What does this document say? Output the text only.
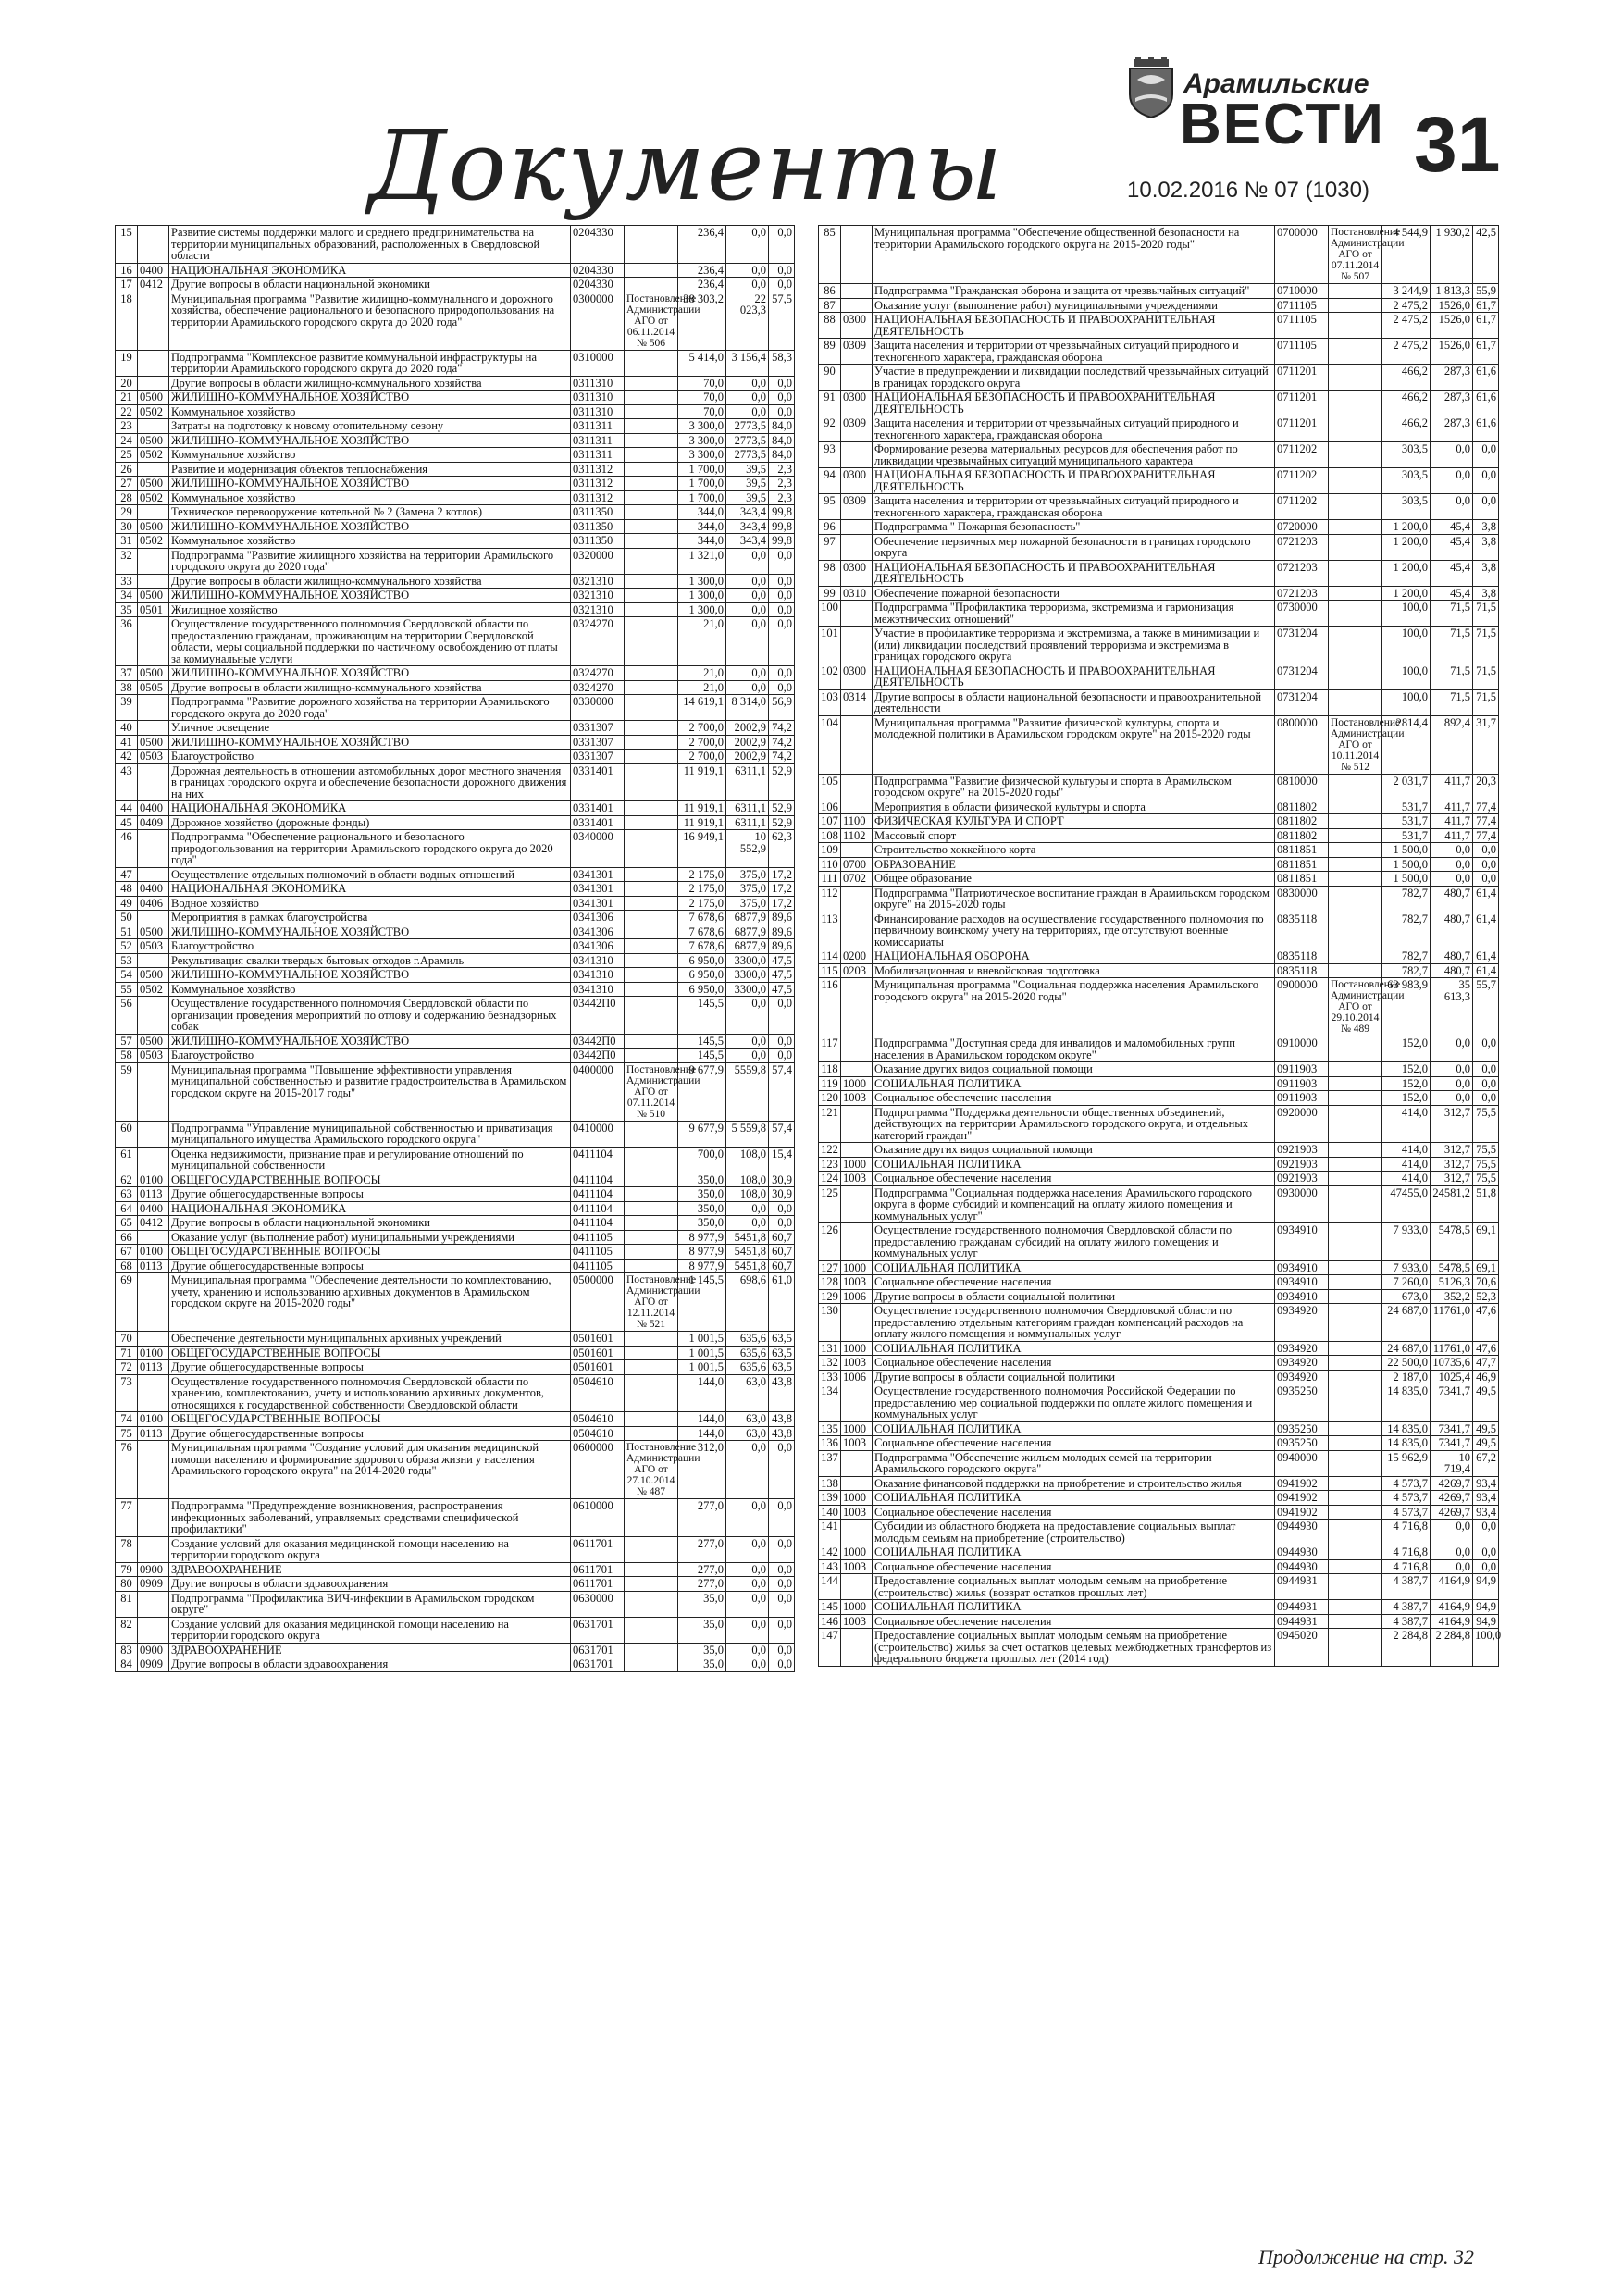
Документы
Арамильские
ВЕСТИ 31
10.02.2016 № 07 (1030)
15		Развитие системы поддержки малого и среднего предпринимательства на территории муниципальных образований, расположенных в Свердловской области	0204330		236,4	0,0	0,0
16	0400	НАЦИОНАЛЬНАЯ ЭКОНОМИКА	0204330		236,4	0,0	0,0
17	0412	Другие вопросы в области национальной экономики	0204330		236,4	0,0	0,0
18		Муниципальная программа "Развитие жилищно-коммунального и дорожного хозяйства, обеспечение рационального и безопасного природопользования на территории Арамильского городского округа до 2020 года"	0300000	Постановление Администрации АГО от 06.11.2014 № 506	38 303,2	22 023,3	57,5
19		Подпрограмма "Комплексное развитие коммунальной инфраструктуры на территории Арамильского городского округа до 2020 года"	0310000		5 414,0	3 156,4	58,3
20		Другие вопросы в области жилищно-коммунального хозяйства	0311310		70,0	0,0	0,0
21	0500	ЖИЛИЩНО-КОММУНАЛЬНОЕ ХОЗЯЙСТВО	0311310		70,0	0,0	0,0
22	0502	Коммунальное хозяйство	0311310		70,0	0,0	0,0
23		Затраты на подготовку к новому отопительному сезону	0311311		3 300,0	2773,5	84,0
24	0500	ЖИЛИЩНО-КОММУНАЛЬНОЕ ХОЗЯЙСТВО	0311311		3 300,0	2773,5	84,0
25	0502	Коммунальное хозяйство	0311311		3 300,0	2773,5	84,0
26		Развитие и модернизация объектов теплоснабжения	0311312		1 700,0	39,5	2,3
27	0500	ЖИЛИЩНО-КОММУНАЛЬНОЕ ХОЗЯЙСТВО	0311312		1 700,0	39,5	2,3
28	0502	Коммунальное хозяйство	0311312		1 700,0	39,5	2,3
29		Техническое перевооружение котельной № 2 (Замена 2 котлов)	0311350		344,0	343,4	99,8
30	0500	ЖИЛИЩНО-КОММУНАЛЬНОЕ ХОЗЯЙСТВО	0311350		344,0	343,4	99,8
31	0502	Коммунальное хозяйство	0311350		344,0	343,4	99,8
32		Подпрограмма "Развитие жилищного хозяйства на территории Арамильского городского округа до 2020 года"	0320000		1 321,0	0,0	0,0
33		Другие вопросы в области жилищно-коммунального хозяйства	0321310		1 300,0	0,0	0,0
34	0500	ЖИЛИЩНО-КОММУНАЛЬНОЕ ХОЗЯЙСТВО	0321310		1 300,0	0,0	0,0
35	0501	Жилищное хозяйство	0321310		1 300,0	0,0	0,0
36		Осуществление государственного полномочия Свердловской области по предоставлению гражданам, проживающим на территории Свердловской области, меры социальной поддержки по частичному освобождению от платы за коммунальные услуги	0324270		21,0	0,0	0,0
37	0500	ЖИЛИЩНО-КОММУНАЛЬНОЕ ХОЗЯЙСТВО	0324270		21,0	0,0	0,0
38	0505	Другие вопросы в области жилищно-коммунального хозяйства	0324270		21,0	0,0	0,0
39		Подпрограмма "Развитие дорожного хозяйства на территории Арамильского городского округа до 2020 года"	0330000		14 619,1	8 314,0	56,9
40		Уличное освещение	0331307		2 700,0	2002,9	74,2
41	0500	ЖИЛИЩНО-КОММУНАЛЬНОЕ ХОЗЯЙСТВО	0331307		2 700,0	2002,9	74,2
42	0503	Благоустройство	0331307		2 700,0	2002,9	74,2
43		Дорожная деятельность в отношении автомобильных дорог местного значения в границах городского округа и обеспечение безопасности дорожного движения на них	0331401		11 919,1	6311,1	52,9
44	0400	НАЦИОНАЛЬНАЯ ЭКОНОМИКА	0331401		11 919,1	6311,1	52,9
45	0409	Дорожное хозяйство (дорожные фонды)	0331401		11 919,1	6311,1	52,9
46		Подпрограмма "Обеспечение рационального и безопасного природопользования на территории Арамильского городского округа до 2020 года"	0340000		16 949,1	10 552,9	62,3
47		Осуществление отдельных полномочий в области водных отношений	0341301		2 175,0	375,0	17,2
48	0400	НАЦИОНАЛЬНАЯ ЭКОНОМИКА	0341301		2 175,0	375,0	17,2
49	0406	Водное хозяйство	0341301		2 175,0	375,0	17,2
50		Мероприятия в рамках благоустройства	0341306		7 678,6	6877,9	89,6
51	0500	ЖИЛИЩНО-КОММУНАЛЬНОЕ ХОЗЯЙСТВО	0341306		7 678,6	6877,9	89,6
52	0503	Благоустройство	0341306		7 678,6	6877,9	89,6
53		Рекультивация свалки твердых бытовых отходов г.Арамиль	0341310		6 950,0	3300,0	47,5
54	0500	ЖИЛИЩНО-КОММУНАЛЬНОЕ ХОЗЯЙСТВО	0341310		6 950,0	3300,0	47,5
55	0502	Коммунальное хозяйство	0341310		6 950,0	3300,0	47,5
56		Осуществление государственного полномочия Свердловской области по организации проведения мероприятий по отлову и содержанию безнадзорных собак	03442П0		145,5	0,0	0,0
57	0500	ЖИЛИЩНО-КОММУНАЛЬНОЕ ХОЗЯЙСТВО	03442П0		145,5	0,0	0,0
58	0503	Благоустройство	03442П0		145,5	0,0	0,0
59		Муниципальная программа "Повышение эффективности управления муниципальной собственностью и развитие градостроительства в Арамильском городском округе на 2015-2017 годы"	0400000	Постановление Администрации АГО от 07.11.2014 № 510	9 677,9	5559,8	57,4
60		Подпрограмма "Управление муниципальной собственностью и приватизация муниципального имущества Арамильского городского округа"	0410000		9 677,9	5 559,8	57,4
61		Оценка недвижимости, признание прав и регулирование отношений по муниципальной собственности	0411104		700,0	108,0	15,4
62	0100	ОБЩЕГОСУДАРСТВЕННЫЕ ВОПРОСЫ	0411104		350,0	108,0	30,9
63	0113	Другие общегосударственные вопросы	0411104		350,0	108,0	30,9
64	0400	НАЦИОНАЛЬНАЯ ЭКОНОМИКА	0411104		350,0	0,0	0,0
65	0412	Другие вопросы в области национальной экономики	0411104		350,0	0,0	0,0
66		Оказание услуг (выполнение работ) муниципальными учреждениями	0411105		8 977,9	5451,8	60,7
67	0100	ОБЩЕГОСУДАРСТВЕННЫЕ ВОПРОСЫ	0411105		8 977,9	5451,8	60,7
68	0113	Другие общегосударственные вопросы	0411105		8 977,9	5451,8	60,7
69		Муниципальная программа "Обеспечение деятельности по комплектованию, учету, хранению и использованию архивных документов в Арамильском городском округе на 2015-2020 годы"	0500000	Постановление Администрации АГО от 12.11.2014 № 521	1 145,5	698,6	61,0
70		Обеспечение деятельности муниципальных архивных учреждений	0501601		1 001,5	635,6	63,5
71	0100	ОБЩЕГОСУДАРСТВЕННЫЕ ВОПРОСЫ	0501601		1 001,5	635,6	63,5
72	0113	Другие общегосударственные вопросы	0501601		1 001,5	635,6	63,5
73		Осуществление государственного полномочия Свердловской области по хранению, комплектованию, учету и использованию архивных документов, относящихся к государственной собственности Свердловской области	0504610		144,0	63,0	43,8
74	0100	ОБЩЕГОСУДАРСТВЕННЫЕ ВОПРОСЫ	0504610		144,0	63,0	43,8
75	0113	Другие общегосударственные вопросы	0504610		144,0	63,0	43,8
76		Муниципальная программа "Создание условий для оказания медицинской помощи населению и формирование здорового образа жизни у населения Арамильского городского округа" на 2014-2020 годы"	0600000	Постановление Администрации АГО от 27.10.2014 № 487	312,0	0,0	0,0
77		Подпрограмма "Предупреждение возникновения, распространения инфекционных заболеваний, управляемых средствами специфической профилактики"	0610000		277,0	0,0	0,0
78		Создание условий для оказания медицинской помощи населению на территории городского округа	0611701		277,0	0,0	0,0
79	0900	ЗДРАВООХРАНЕНИЕ	0611701		277,0	0,0	0,0
80	0909	Другие вопросы в области здравоохранения	0611701		277,0	0,0	0,0
81		Подпрограмма "Профилактика ВИЧ-инфекции в Арамильском городском округе"	0630000		35,0	0,0	0,0
82		Создание условий для оказания медицинской помощи населению на территории городского округа	0631701		35,0	0,0	0,0
83	0900	ЗДРАВООХРАНЕНИЕ	0631701		35,0	0,0	0,0
84	0909	Другие вопросы в области здравоохранения	0631701		35,0	0,0	0,0
85		Муниципальная программа "Обеспечение общественной безопасности на территории Арамильского городского округа на 2015-2020 годы"	0700000	Постановление Администрации АГО от 07.11.2014 № 507	4 544,9	1 930,2	42,5
86		Подпрограмма "Гражданская оборона и защита от чрезвычайных ситуаций"	0710000		3 244,9	1 813,3	55,9
87		Оказание услуг (выполнение работ) муниципальными учреждениями	0711105		2 475,2	1526,0	61,7
88	0300	НАЦИОНАЛЬНАЯ БЕЗОПАСНОСТЬ И ПРАВООХРАНИТЕЛЬНАЯ ДЕЯТЕЛЬНОСТЬ	0711105		2 475,2	1526,0	61,7
89	0309	Защита населения и территории от чрезвычайных ситуаций природного и техногенного характера, гражданская оборона	0711105		2 475,2	1526,0	61,7
90		Участие в предупреждении и ликвидации последствий чрезвычайных ситуаций в границах городского округа	0711201		466,2	287,3	61,6
91	0300	НАЦИОНАЛЬНАЯ БЕЗОПАСНОСТЬ И ПРАВООХРАНИТЕЛЬНАЯ ДЕЯТЕЛЬНОСТЬ	0711201		466,2	287,3	61,6
92	0309	Защита населения и территории от чрезвычайных ситуаций природного и техногенного характера, гражданская оборона	0711201		466,2	287,3	61,6
93		Формирование резерва материальных ресурсов для обеспечения работ по ликвидации чрезвычайных ситуаций муниципального характера	0711202		303,5	0,0	0,0
94	0300	НАЦИОНАЛЬНАЯ БЕЗОПАСНОСТЬ И ПРАВООХРАНИТЕЛЬНАЯ ДЕЯТЕЛЬНОСТЬ	0711202		303,5	0,0	0,0
95	0309	Защита населения и территории от чрезвычайных ситуаций природного и техногенного характера, гражданская оборона	0711202		303,5	0,0	0,0
96		Подпрограмма " Пожарная безопасность"	0720000		1 200,0	45,4	3,8
97		Обеспечение первичных мер пожарной безопасности в границах городского округа	0721203		1 200,0	45,4	3,8
98	0300	НАЦИОНАЛЬНАЯ БЕЗОПАСНОСТЬ И ПРАВООХРАНИТЕЛЬНАЯ ДЕЯТЕЛЬНОСТЬ	0721203		1 200,0	45,4	3,8
99	0310	Обеспечение пожарной безопасности	0721203		1 200,0	45,4	3,8
100		Подпрограмма "Профилактика терроризма, экстремизма и гармонизация межэтнических отношений"	0730000		100,0	71,5	71,5
101		Участие в профилактике терроризма и экстремизма, а также в минимизации и (или) ликвидации последствий проявлений терроризма и экстремизма в границах городского округа	0731204		100,0	71,5	71,5
102	0300	НАЦИОНАЛЬНАЯ БЕЗОПАСНОСТЬ И ПРАВООХРАНИТЕЛЬНАЯ ДЕЯТЕЛЬНОСТЬ	0731204		100,0	71,5	71,5
103	0314	Другие вопросы в области национальной безопасности и правоохранительной деятельности	0731204		100,0	71,5	71,5
104		Муниципальная программа "Развитие физической культуры, спорта и молодежной политики в Арамильском городском округе" на 2015-2020 годы	0800000	Постановление Администрации АГО от 10.11.2014 № 512	2814,4	892,4	31,7
105		Подпрограмма "Развитие физической культуры и спорта в Арамильском городском округе" на 2015-2020 годы"	0810000		2 031,7	411,7	20,3
106		Мероприятия в области физической культуры и спорта	0811802		531,7	411,7	77,4
107	1100	ФИЗИЧЕСКАЯ КУЛЬТУРА И СПОРТ	0811802		531,7	411,7	77,4
108	1102	Массовый спорт	0811802		531,7	411,7	77,4
109		Строительство хоккейного корта	0811851		1 500,0	0,0	0,0
110	0700	ОБРАЗОВАНИЕ	0811851		1 500,0	0,0	0,0
111	0702	Общее образование	0811851		1 500,0	0,0	0,0
112		Подпрограмма "Патриотическое воспитание граждан в Арамильском городском округе" на 2015-2020 годы	0830000		782,7	480,7	61,4
113		Финансирование расходов на осуществление государственного полномочия по первичному воинскому учету на территориях, где отсутствуют военные комиссариаты	0835118		782,7	480,7	61,4
114	0200	НАЦИОНАЛЬНАЯ ОБОРОНА	0835118		782,7	480,7	61,4
115	0203	Мобилизационная и вневойсковая подготовка	0835118		782,7	480,7	61,4
116		Муниципальная программа "Социальная поддержка населения Арамильского городского округа" на 2015-2020 годы"	0900000	Постановление Администрации АГО от 29.10.2014 № 489	63 983,9	35 613,3	55,7
117		Подпрограмма "Доступная среда для инвалидов и маломобильных групп населения в Арамильском городском округе"	0910000		152,0	0,0	0,0
118		Оказание других видов социальной помощи	0911903		152,0	0,0	0,0
119	1000	СОЦИАЛЬНАЯ ПОЛИТИКА	0911903		152,0	0,0	0,0
120	1003	Социальное обеспечение населения	0911903		152,0	0,0	0,0
121		Подпрограмма "Поддержка деятельности общественных объединений, действующих на территории Арамильского городского округа, и отдельных категорий граждан"	0920000		414,0	312,7	75,5
122		Оказание других видов социальной помощи	0921903		414,0	312,7	75,5
123	1000	СОЦИАЛЬНАЯ ПОЛИТИКА	0921903		414,0	312,7	75,5
124	1003	Социальное обеспечение населения	0921903		414,0	312,7	75,5
125		Подпрограмма "Социальная поддержка населения Арамильского городского округа в форме субсидий и компенсаций на оплату жилого помещения и коммунальных услуг"	0930000		47455,0	24581,2	51,8
126		Осуществление государственного полномочия Свердловской области по предоставлению гражданам субсидий на оплату жилого помещения и коммунальных услуг	0934910		7 933,0	5478,5	69,1
127	1000	СОЦИАЛЬНАЯ ПОЛИТИКА	0934910		7 933,0	5478,5	69,1
128	1003	Социальное обеспечение населения	0934910		7 260,0	5126,3	70,6
129	1006	Другие вопросы в области социальной политики	0934910		673,0	352,2	52,3
130		Осуществление государственного полномочия Свердловской области по предоставлению отдельным категориям граждан компенсаций расходов на оплату жилого помещения и коммунальных услуг	0934920		24 687,0	11761,0	47,6
131	1000	СОЦИАЛЬНАЯ ПОЛИТИКА	0934920		24 687,0	11761,0	47,6
132	1003	Социальное обеспечение населения	0934920		22 500,0	10735,6	47,7
133	1006	Другие вопросы в области социальной политики	0934920		2 187,0	1025,4	46,9
134		Осуществление государственного полномочия Российской Федерации по предоставлению мер социальной поддержки по оплате жилого помещения и коммунальных услуг	0935250		14 835,0	7341,7	49,5
135	1000	СОЦИАЛЬНАЯ ПОЛИТИКА	0935250		14 835,0	7341,7	49,5
136	1003	Социальное обеспечение населения	0935250		14 835,0	7341,7	49,5
137		Подпрограмма "Обеспечение жильем молодых семей на территории Арамильского городского округа"	0940000		15 962,9	10 719,4	67,2
138		Оказание финансовой поддержки на приобретение и строительство жилья	0941902		4 573,7	4269,7	93,4
139	1000	СОЦИАЛЬНАЯ ПОЛИТИКА	0941902		4 573,7	4269,7	93,4
140	1003	Социальное обеспечение населения	0941902		4 573,7	4269,7	93,4
141		Субсидии из областного бюджета на предоставление социальных выплат молодым семьям на приобретение (строительство)	0944930		4 716,8	0,0	0,0
142	1000	СОЦИАЛЬНАЯ ПОЛИТИКА	0944930		4 716,8	0,0	0,0
143	1003	Социальное обеспечение населения	0944930		4 716,8	0,0	0,0
144		Предоставление социальных выплат молодым семьям на приобретение (строительство) жилья (возврат остатков прошлых лет)	0944931		4 387,7	4164,9	94,9
145	1000	СОЦИАЛЬНАЯ ПОЛИТИКА	0944931		4 387,7	4164,9	94,9
146	1003	Социальное обеспечение населения	0944931		4 387,7	4164,9	94,9
147		Предоставление социальных выплат молодым семьям на приобретение (строительство) жилья за счет остатков целевых межбюджетных трансфертов из федерального бюджета прошлых лет (2014 год)	0945020		2 284,8	2 284,8	100,0
Продолжение на стр. 32
